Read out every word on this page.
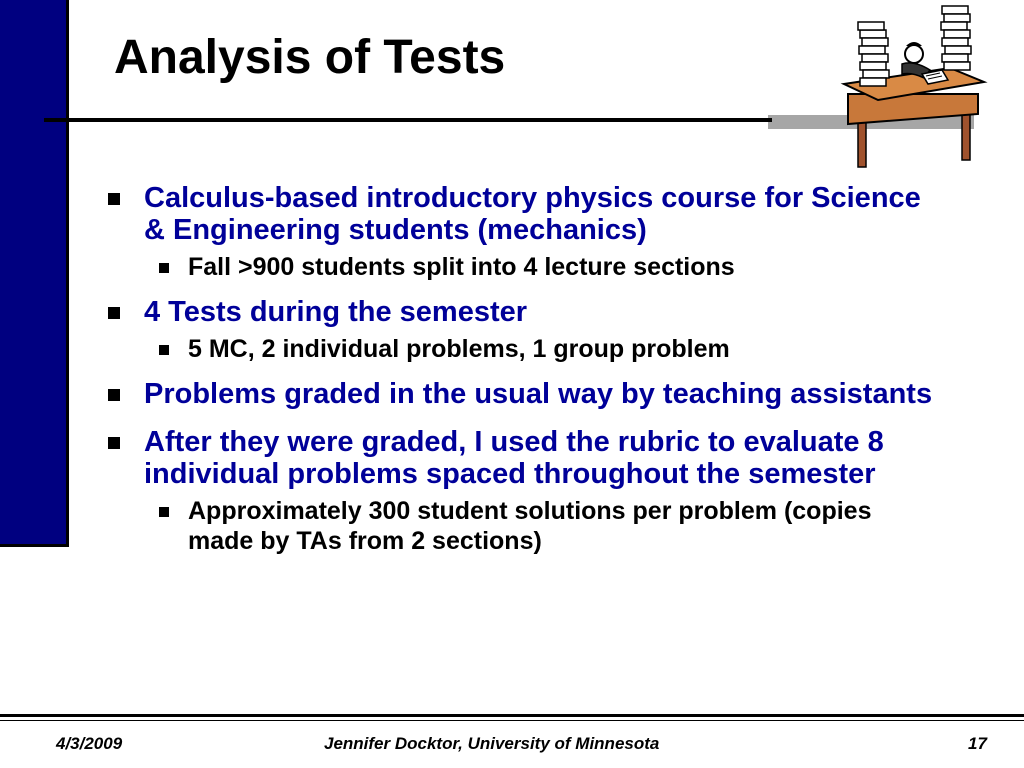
Analysis of Tests
Calculus-based introductory physics course for Science & Engineering students (mechanics)
Fall >900 students split into 4 lecture sections
4 Tests during the semester
5 MC, 2 individual problems, 1 group problem
Problems graded in the usual way by teaching assistants
After they were graded, I used the rubric to evaluate 8 individual problems spaced throughout the semester
Approximately 300 student solutions per problem (copies made by TAs from 2 sections)
4/3/2009	Jennifer Docktor, University of Minnesota	17
